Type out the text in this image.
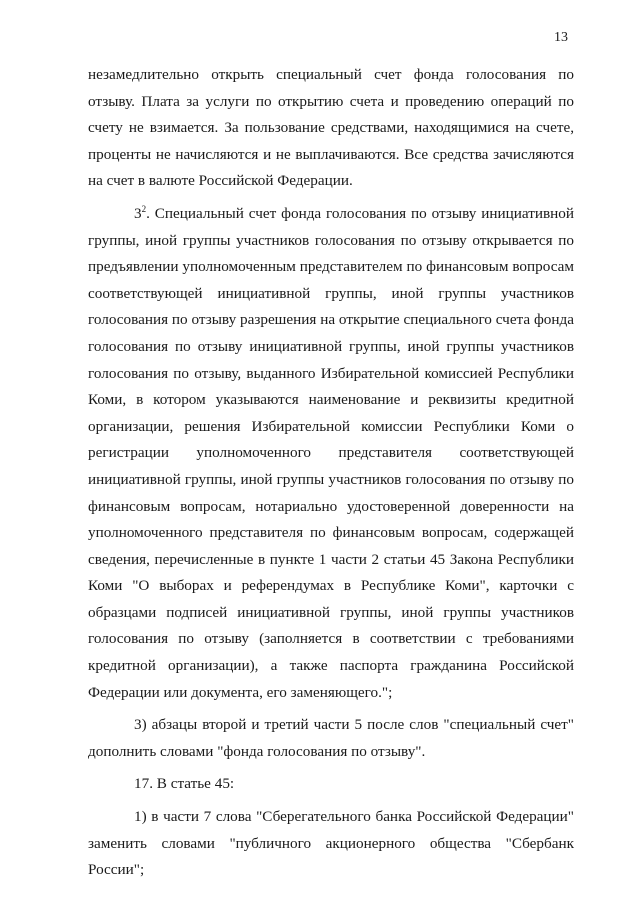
13

незамедлительно открыть специальный счет фонда голосования по отзыву. Плата за услуги по открытию счета и проведению операций по счету не взимается. За пользование средствами, находящимися на счете, проценты не начисляются и не выплачиваются. Все средства зачисляются на счет в валюте Российской Федерации.

$3^2$. Специальный счет фонда голосования по отзыву инициативной группы, иной группы участников голосования по отзыву открывается по предъявлении уполномоченным представителем по финансовым вопросам соответствующей инициативной группы, иной группы участников голосования по отзыву разрешения на открытие специального счета фонда голосования по отзыву инициативной группы, иной группы участников голосования по отзыву, выданного Избирательной комиссией Республики Коми, в котором указываются наименование и реквизиты кредитной организации, решения Избирательной комиссии Республики Коми о регистрации уполномоченного представителя соответствующей инициативной группы, иной группы участников голосования по отзыву по финансовым вопросам, нотариально удостоверенной доверенности на уполномоченного представителя по финансовым вопросам, содержащей сведения, перечисленные в пункте 1 части 2 статьи 45 Закона Республики Коми "О выборах и референдумах в Республике Коми", карточки с образцами подписей инициативной группы, иной группы участников голосования по отзыву (заполняется в соответствии с требованиями кредитной организации), а также паспорта гражданина Российской Федерации или документа, его заменяющего.";

3) абзацы второй и третий части 5 после слов "специальный счет" дополнить словами "фонда голосования по отзыву".

17. В статье 45:

1) в части 7 слова "Сберегательного банка Российской Федерации" заменить словами "публичного акционерного общества "Сбербанк России";
